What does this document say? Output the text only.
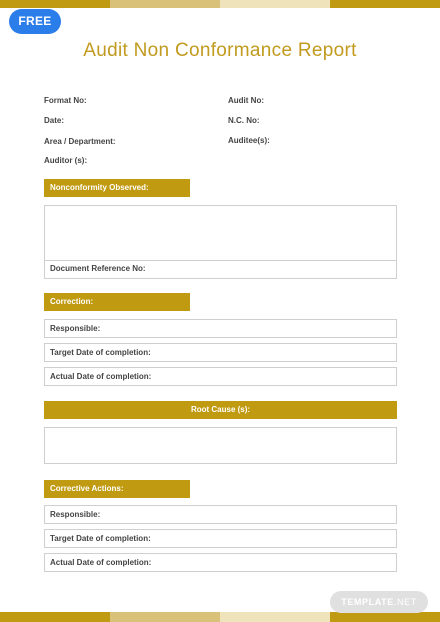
FREE
Audit Non Conformance Report
Format No:
Date:
Area / Department:
Auditor (s):
Audit No:
N.C. No:
Auditee(s):
Nonconformity Observed:
Document Reference No:
Correction:
Responsible:
Target Date of completion:
Actual Date of completion:
Root Cause (s):
Corrective Actions:
Responsible:
Target Date of completion:
Actual Date of completion:
TEMPLATE.NET
